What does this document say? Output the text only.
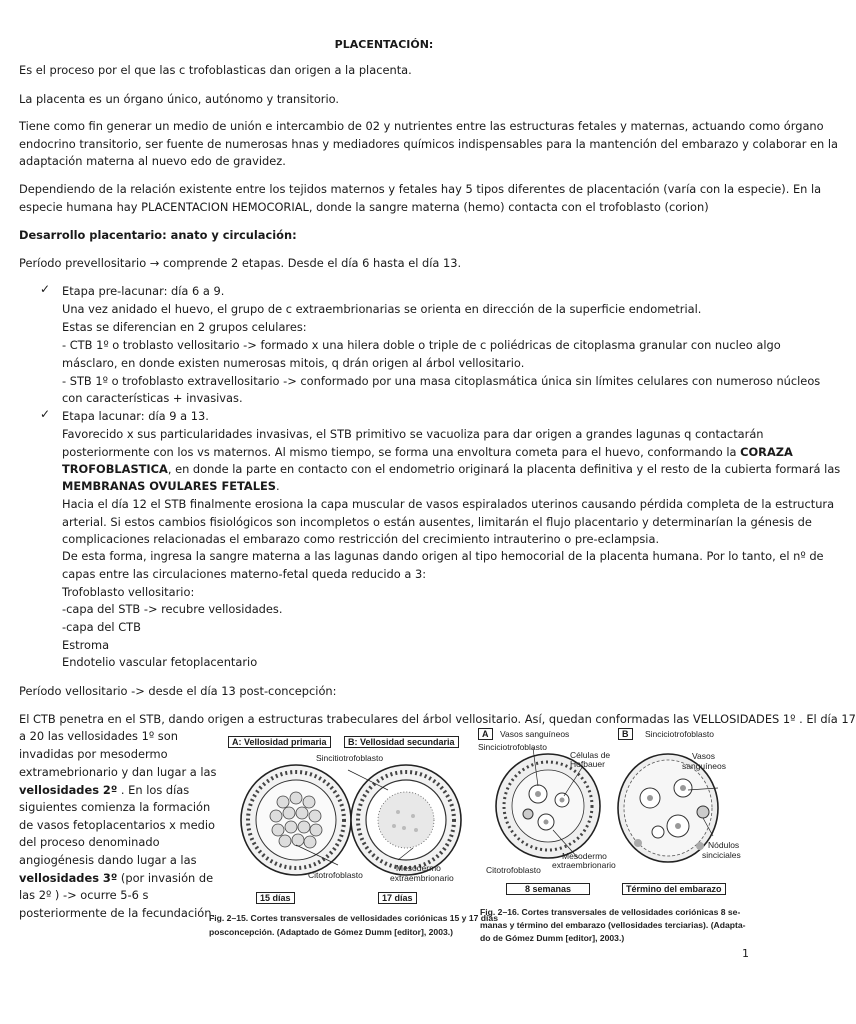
PLACENTACIÓN:
Es el proceso por el que las c trofoblasticas dan origen a la placenta.
La placenta es un órgano único, autónomo y transitorio.
Tiene como fin generar un medio de unión e intercambio de 02 y nutrientes entre las estructuras fetales y maternas, actuando como órgano
endocrino transitorio, ser fuente de numerosas hnas y mediadores químicos indispensables para la mantención del embarazo y colaborar en la
adaptación materna al nuevo edo de gravidez.
Dependiendo de la relación existente entre los tejidos maternos y fetales hay 5 tipos diferentes de placentación (varía con la especie). En la
especie humana hay PLACENTACION HEMOCORIAL, donde la sangre materna (hemo) contacta con el trofoblasto (corion)
Desarrollo placentario: anato y circulación:
Período prevellositario → comprende 2 etapas. Desde el día 6 hasta el día 13.
✓ Etapa pre-lacunar: día 6 a 9.
Una vez anidado el huevo, el grupo de c extraembrionarias se orienta en dirección de la superficie endometrial.
Estas se diferencian en 2 grupos celulares:
- CTB 1º o troblasto vellositario -> formado x una hilera doble o triple de c poliédricas de citoplasma granular con nucleo algo
másclaro, en donde existen numerosas mitois, q drán origen al árbol vellositario.
- STB 1º o trofoblasto extravellositario -> conformado por una masa citoplasmática única sin límites celulares con numeroso núcleos
con características + invasivas.
✓ Etapa lacunar: día 9 a 13.
Favorecido x sus particularidades invasivas, el STB primitivo se vacuoliza para dar origen a grandes lagunas q contactarán
posteriormente con los vs maternos. Al mismo tiempo, se forma una envoltura cometa para el huevo, conformando la CORAZA
TROFOBLASTICA, en donde la parte en contacto con el endometrio originará la placenta definitiva y el resto de la cubierta formará las
MEMBRANAS OVULARES FETALES.
Hacia el día 12 el STB finalmente erosiona la capa muscular de vasos espiralados uterinos causando pérdida completa de la estructura
arterial. Si estos cambios fisiológicos son incompletos o están ausentes, limitarán el flujo placentario y determinarían la génesis de
complicaciones relacionadas el embarazo como restricción del crecimiento intrauterino o pre-eclampsia.
De esta forma, ingresa la sangre materna a las lagunas dando origen al tipo hemocorial de la placenta humana. Por lo tanto, el nº de
capas entre las circulaciones materno-fetal queda reducido a 3:
Trofoblasto vellositario:
-capa del STB -> recubre vellosidades.
-capa del CTB
Estroma
Endotelio vascular fetoplacentario
Período vellositario -> desde el día 13 post-concepción:
El CTB penetra en el STB, dando origen a estructuras trabeculares del árbol vellositario. Así, quedan conformadas las VELLOSIDADES 1º . El día 17
a 20 las vellosidades 1º son
invadidas por mesodermo
extramebrionario y dan lugar a las
vellosidades 2º . En los días
siguientes comienza la formación
de vasos fetoplacentarios x medio
del proceso denominado
angiogénesis dando lugar a las
vellosidades 3º (por invasión de
las 2º ) -> ocurre 5-6 s
posteriormente de la fecundación.
A: Vellosidad primaria	B: Vellosidad secundaria
Sincitiotrofoblasto
Citotrofoblasto
Mesodermo
extraembrionario
15 días	17 días
Fig. 2–15. Cortes transversales de vellosidades coriónicas 15 y 17 días
posconcepción. (Adaptado de Gómez Dumm [editor], 2003.)
A	Vasos sanguíneos	B	Sinciciotrofoblasto
Sinciciotrofoblasto
Células de
Hofbauer
Vasos
sanguíneos
Mesodermo
extraembrionario
Citotrofoblasto
Nódulos
sinciciales
8 semanas	Término del embarazo
Fig. 2–16. Cortes transversales de vellosidades coriónicas 8 se-
manas y término del embarazo (vellosidades terciarias). (Adapta-
do de Gómez Dumm [editor], 2003.)
1
